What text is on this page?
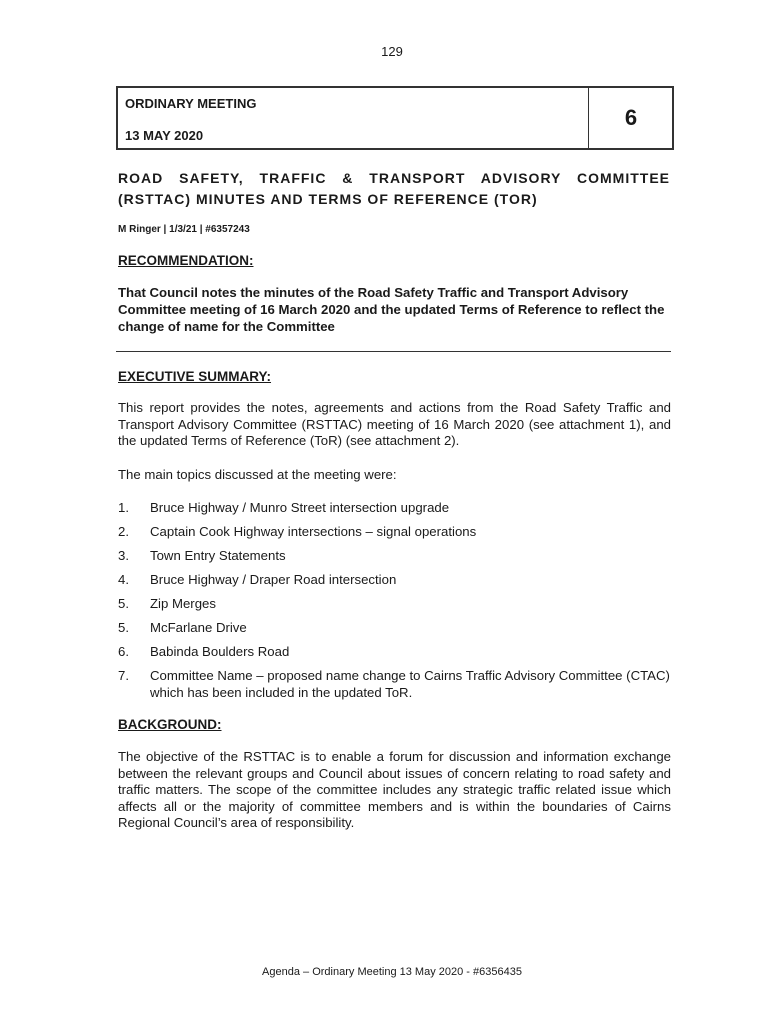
129
ORDINARY MEETING
13 MAY 2020
6
ROAD SAFETY, TRAFFIC & TRANSPORT ADVISORY COMMITTEE
(RSTTAC) MINUTES AND TERMS OF REFERENCE (TOR)
M Ringer | 1/3/21 | #6357243
RECOMMENDATION:
That Council notes the minutes of the Road Safety Traffic and Transport Advisory Committee meeting of 16 March 2020 and the updated Terms of Reference to reflect the change of name for the Committee
EXECUTIVE SUMMARY:
This report provides the notes, agreements and actions from the Road Safety Traffic and Transport Advisory Committee (RSTTAC) meeting of 16 March 2020 (see attachment 1), and the updated Terms of Reference (ToR) (see attachment 2).
The main topics discussed at the meeting were:
1. Bruce Highway / Munro Street intersection upgrade
2. Captain Cook Highway intersections – signal operations
3. Town Entry Statements
4. Bruce Highway / Draper Road intersection
5. Zip Merges
5. McFarlane Drive
6. Babinda Boulders Road
7. Committee Name – proposed name change to Cairns Traffic Advisory Committee (CTAC) which has been included in the updated ToR.
BACKGROUND:
The objective of the RSTTAC is to enable a forum for discussion and information exchange between the relevant groups and Council about issues of concern relating to road safety and traffic matters. The scope of the committee includes any strategic traffic related issue which affects all or the majority of committee members and is within the boundaries of Cairns Regional Council’s area of responsibility.
Agenda – Ordinary Meeting 13 May 2020 - #6356435
